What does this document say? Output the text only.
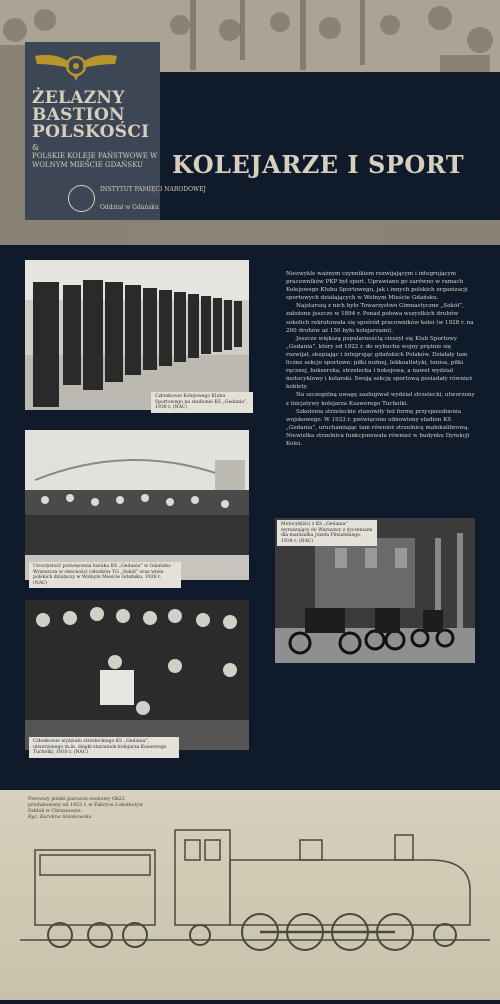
ŻELAZNY
BASTION
POLSKOŚCI
&
POLSKIE KOLEJE PAŃSTWOWE W WOLNYM MIEŚCIE GDAŃSKU
INSTYTUT PAMIĘCI NARODOWEJ
Oddział w Gdańsku
KOLEJARZE I SPORT
Członkowie Kolejowego Klubu Sportowego na stadionie KS „Gedania”, 1938 r. (NAC)
Uroczystość poświęcenia baraku KS „Gedania” w Gdańsku-Wrzeszczu w obecności członków TG „Sokół” oraz wielu polskich działaczy w Wolnym Mieście Gdańsku, 1926 r. (NAC)
Członkowie wydziału strzeleckiego KS „Gedania”, utworzonego m.in. dzięki staraniom kolejarza Ksawerego Tucholki, 1930 r. (NAC)
Motocykliści z KS „Gedania” wyruszający do Warszawy z życzeniami dla marszałka Józefa Piłsudskiego, 1934 r. (NAC)

Niezwykle ważnym czynnikiem rozwijającym i integrującym pracowników PKP był sport. Uprawiano go zarówno w ramach Kolejowego Klubu Sportowego, jak i innych polskich organizacji sportowych działających w Wolnym Mieście Gdańsku.

Najstarszą z nich było Towarzystwo Gimnastyczne „Sokół”, założone jeszcze w 1894 r. Ponad połowa wszystkich druhów sokolich rekrutowała się spośród pracowników kolei (w 1928 r. na 200 druhów aż 150 było kolejarzami).

Jeszcze większą popularnością cieszył się Klub Sportowy „Gedania”, który od 1922 r. do wybuchu wojny prężnie się rozwijał, skupiając i integrując gdańskich Polaków. Działały tam liczne sekcje sportowe: piłki nożnej, lekkoatletyki, tenisa, piłki ręcznej, bokserska, strzelecka i hokejowa, a nawet wydział motocyklowy i kolarski. Swoją sekcję sportową posiadały również kobiety.

Na szczególną uwagę zasługiwał wydział strzelecki, utworzony z inicjatywy kolejarza Ksawerego Tucholki.

Szkolenia strzeleckie stanowiły też formę przysposobienia wojskowego. W 1933 r. poświęcono odnowiony stadion KS „Gedania”, uruchamiając tam również strzelnicę małokalibrową. Niewielka strzelnica funkcjonowała również w budynku Dyrekcji Kolei.

Pierwszy polski parowóz osobowy Ok22 produkowany od 1923 r. w Fabryce Lokomotyw Fablok w Chrzanowie.
Ryc. Karolina Stankowska
